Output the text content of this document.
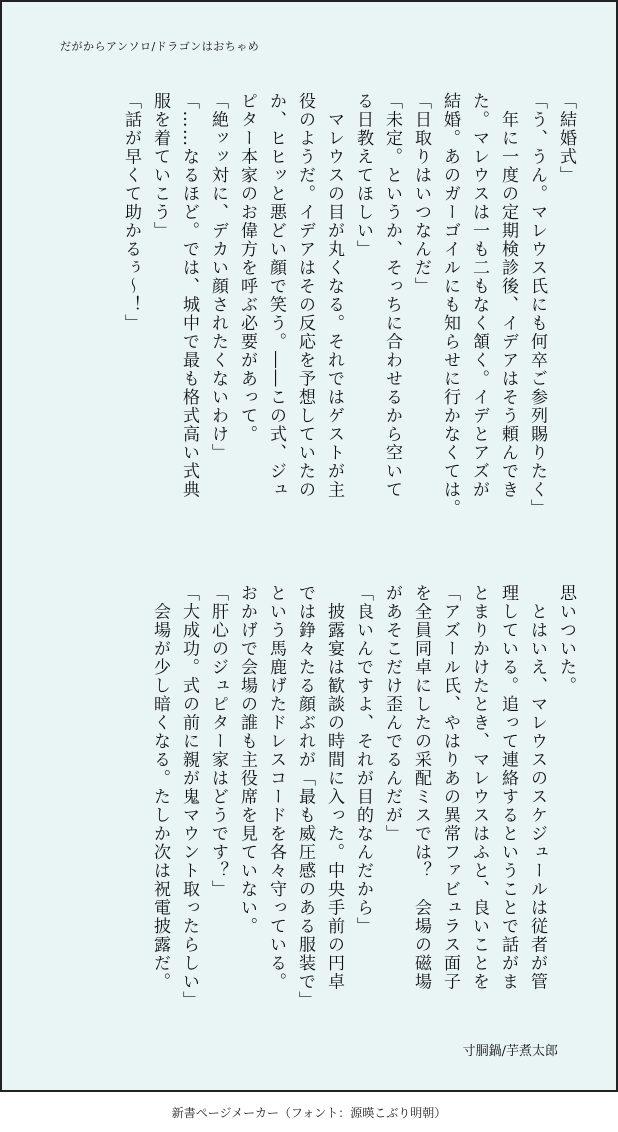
だがからアンソロ/ドラゴンはおちゃめ
「結婚式」
「う、うん。マレウス氏にも何卒ご参列賜りたく」
　年に一度の定期検診後、イデアはそう頼んでき
た。マレウスは一も二もなく頷く。イデとアズが
結婚。あのガーゴイルにも知らせに行かなくては。
「日取りはいつなんだ」
「未定。というか、そっちに合わせるから空いて
る日教えてほしい」
　マレウスの目が丸くなる。それではゲストが主
役のようだ。イデアはその反応を予想していたの
か、ヒヒッと悪どい顔で笑う。――この式、ジュ
ピター本家のお偉方を呼ぶ必要があって。
「絶ッッ対に、デカい顔されたくないわけ」
「……なるほど。では、城中で最も格式高い式典
服を着ていこう」
「話が早くて助かるぅ～！」
思いついた。
　とはいえ、マレウスのスケジュールは従者が管
理している。追って連絡するということで話がま
とまりかけたとき、マレウスはふと、良いことを
「アズール氏、やはりあの異常ファビュラス面子
を全員同卓にしたの采配ミスでは？　会場の磁場
があそこだけ歪んでるんだが」
「良いんですよ、それが目的なんだから」
　披露宴は歓談の時間に入った。中央手前の円卓
では錚々たる顔ぶれが「最も威圧感のある服装で」
という馬鹿げたドレスコードを各々守っている。
おかげで会場の誰も主役席を見ていない。
「肝心のジュピター家はどうです？」
「大成功。式の前に親が鬼マウント取ったらしい」
　会場が少し暗くなる。たしか次は祝電披露だ。
寸胴鍋/芋煮太郎
新書ページメーカー（フォント：源暎こぶり明朝）
